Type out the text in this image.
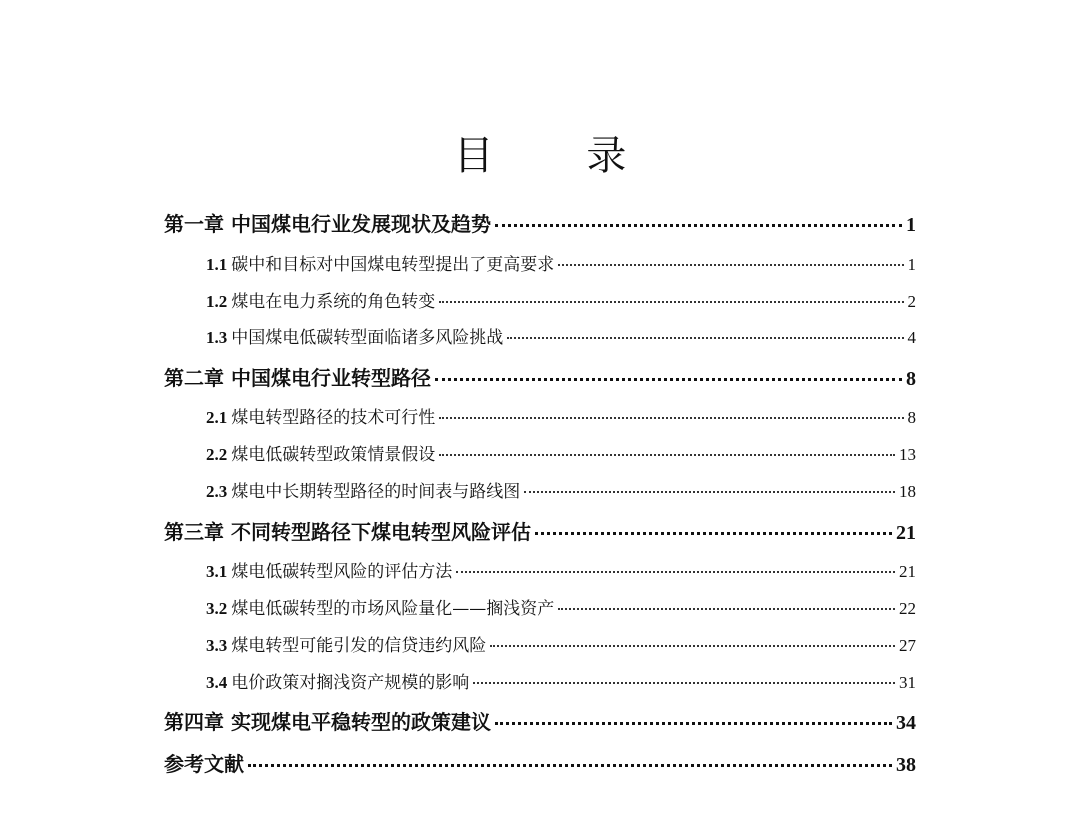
目 录
第一章 中国煤电行业发展现状及趋势	1
1.1 碳中和目标对中国煤电转型提出了更高要求	1
1.2 煤电在电力系统的角色转变	2
1.3 中国煤电低碳转型面临诸多风险挑战	4
第二章 中国煤电行业转型路径	8
2.1 煤电转型路径的技术可行性	8
2.2 煤电低碳转型政策情景假设	13
2.3 煤电中长期转型路径的时间表与路线图	18
第三章 不同转型路径下煤电转型风险评估	21
3.1 煤电低碳转型风险的评估方法	21
3.2 煤电低碳转型的市场风险量化——搁浅资产	22
3.3 煤电转型可能引发的信贷违约风险	27
3.4 电价政策对搁浅资产规模的影响	31
第四章 实现煤电平稳转型的政策建议	34
参考文献	38
